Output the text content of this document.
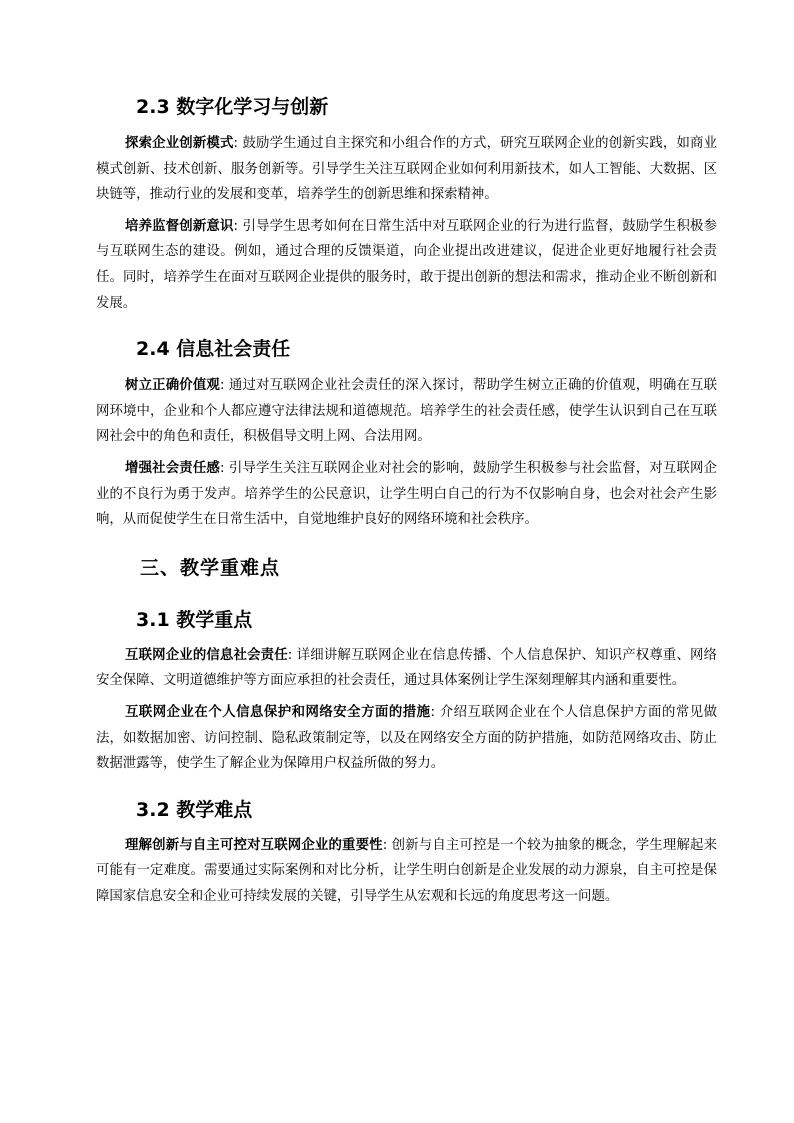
2.3 数字化学习与创新

探索企业创新模式: 鼓励学生通过自主探究和小组合作的方式，研究互联网企业的创新实践，如商业模式创新、技术创新、服务创新等。引导学生关注互联网企业如何利用新技术，如人工智能、大数据、区块链等，推动行业的发展和变革，培养学生的创新思维和探索精神。

培养监督创新意识: 引导学生思考如何在日常生活中对互联网企业的行为进行监督，鼓励学生积极参与互联网生态的建设。例如，通过合理的反馈渠道，向企业提出改进建议，促进企业更好地履行社会责任。同时，培养学生在面对互联网企业提供的服务时，敢于提出创新的想法和需求，推动企业不断创新和发展。

2.4 信息社会责任

树立正确价值观: 通过对互联网企业社会责任的深入探讨，帮助学生树立正确的价值观，明确在互联网环境中，企业和个人都应遵守法律法规和道德规范。培养学生的社会责任感，使学生认识到自己在互联网社会中的角色和责任，积极倡导文明上网、合法用网。

增强社会责任感: 引导学生关注互联网企业对社会的影响，鼓励学生积极参与社会监督，对互联网企业的不良行为勇于发声。培养学生的公民意识，让学生明白自己的行为不仅影响自身，也会对社会产生影响，从而促使学生在日常生活中，自觉地维护良好的网络环境和社会秩序。

三、教学重难点
3.1 教学重点

互联网企业的信息社会责任: 详细讲解互联网企业在信息传播、个人信息保护、知识产权尊重、网络安全保障、文明道德维护等方面应承担的社会责任，通过具体案例让学生深刻理解其内涵和重要性。

互联网企业在个人信息保护和网络安全方面的措施: 介绍互联网企业在个人信息保护方面的常见做法，如数据加密、访问控制、隐私政策制定等，以及在网络安全方面的防护措施，如防范网络攻击、防止数据泄露等，使学生了解企业为保障用户权益所做的努力。

3.2 教学难点

理解创新与自主可控对互联网企业的重要性: 创新与自主可控是一个较为抽象的概念，学生理解起来可能有一定难度。需要通过实际案例和对比分析，让学生明白创新是企业发展的动力源泉，自主可控是保障国家信息安全和企业可持续发展的关键，引导学生从宏观和长远的角度思考这一问题。
